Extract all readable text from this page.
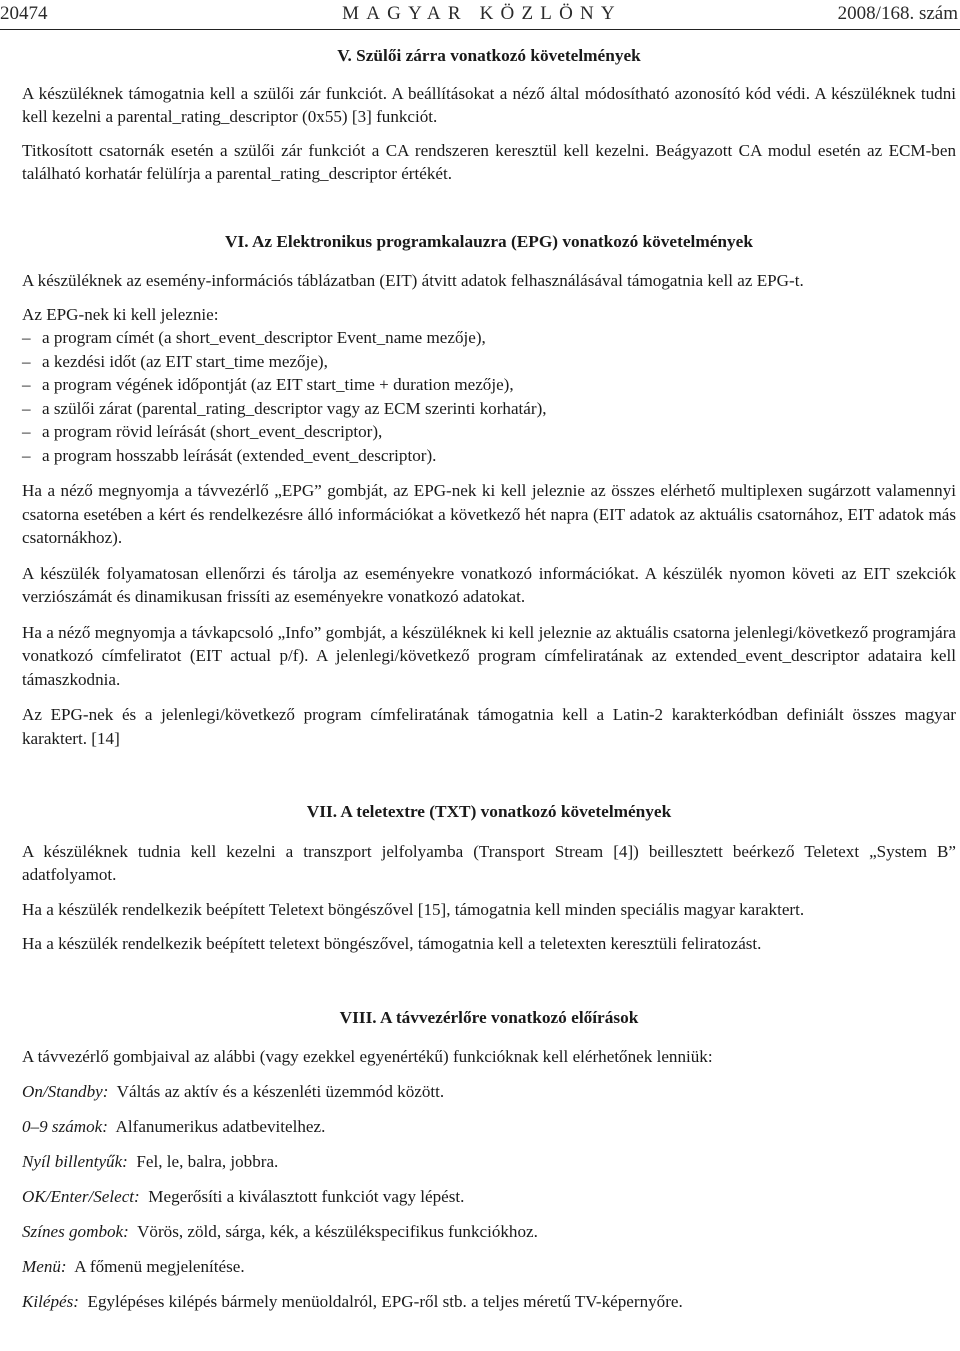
20474	MAGYAR KÖZLÖNY	2008/168. szám
V. Szülői zárra vonatkozó követelmények

A készüléknek támogatnia kell a szülői zár funkciót. A beállításokat a néző által módosítható azonosító kód védi. A készüléknek tudni kell kezelni a parental_rating_descriptor (0x55) [3] funkciót.

Titkosított csatornák esetén a szülői zár funkciót a CA rendszeren keresztül kell kezelni. Beágyazott CA modul esetén az ECM-ben található korhatár felülírja a parental_rating_descriptor értékét.

VI. Az Elektronikus programkalauzra (EPG) vonatkozó követelmények

A készüléknek az esemény-információs táblázatban (EIT) átvitt adatok felhasználásával támogatnia kell az EPG-t.

Az EPG-nek ki kell jeleznie:

– a program címét (a short_event_descriptor Event_name mezője),
– a kezdési időt (az EIT start_time mezője),
– a program végének időpontját (az EIT start_time + duration mezője),
– a szülői zárat (parental_rating_descriptor vagy az ECM szerinti korhatár),
– a program rövid leírását (short_event_descriptor),
– a program hosszabb leírását (extended_event_descriptor).

Ha a néző megnyomja a távvezérlő „EPG” gombját, az EPG-nek ki kell jeleznie az összes elérhető multiplexen sugárzott valamennyi csatorna esetében a kért és rendelkezésre álló információkat a következő hét napra (EIT adatok az aktuális csatornához, EIT adatok más csatornákhoz).

A készülék folyamatosan ellenőrzi és tárolja az eseményekre vonatkozó információkat. A készülék nyomon követi az EIT szekciók verziószámát és dinamikusan frissíti az eseményekre vonatkozó adatokat.

Ha a néző megnyomja a távkapcsoló „Info” gombját, a készüléknek ki kell jeleznie az aktuális csatorna jelenlegi/következő programjára vonatkozó címfeliratot (EIT actual p/f). A jelenlegi/következő program címfeliratának az extended_event_descriptor adataira kell támaszkodnia.

Az EPG-nek és a jelenlegi/következő program címfeliratának támogatnia kell a Latin-2 karakterkódban definiált összes magyar karaktert. [14]

VII. A teletextre (TXT) vonatkozó követelmények

A készüléknek tudnia kell kezelni a transzport jelfolyamba (Transport Stream [4]) beillesztett beérkező Teletext „System B” adatfolyamot.

Ha a készülék rendelkezik beépített Teletext böngészővel [15], támogatnia kell minden speciális magyar karaktert.

Ha a készülék rendelkezik beépített teletext böngészővel, támogatnia kell a teletexten keresztüli feliratozást.

VIII. A távvezérlőre vonatkozó előírások

A távvezérlő gombjaival az alábbi (vagy ezekkel egyenértékű) funkcióknak kell elérhetőnek lenniük:

On/Standby: Váltás az aktív és a készenléti üzemmód között.

0–9 számok: Alfanumerikus adatbevitelhez.

Nyíl billentyűk: Fel, le, balra, jobbra.

OK/Enter/Select: Megerősíti a kiválasztott funkciót vagy lépést.

Színes gombok: Vörös, zöld, sárga, kék, a készülékspecifikus funkciókhoz.

Menü: A főmenü megjelenítése.

Kilépés: Egylépéses kilépés bármely menüoldalról, EPG-ről stb. a teljes méretű TV-képernyőre.
